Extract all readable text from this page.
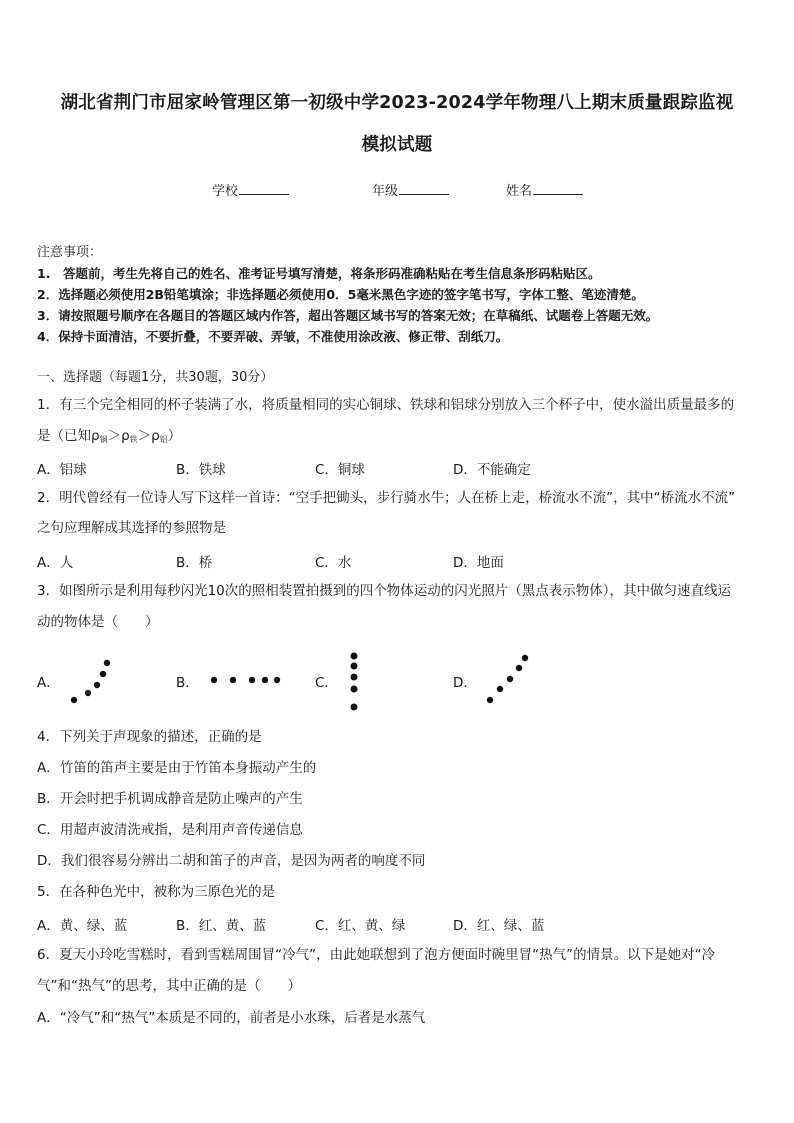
湖北省荆门市屈家岭管理区第一初级中学2023-2024学年物理八上期末质量跟踪监视
模拟试题
学校	年级	姓名
注意事项：
1.　答题前，考生先将自己的姓名、准考证号填写清楚，将条形码准确粘贴在考生信息条形码粘贴区。
2．选择题必须使用2B铅笔填涂；非选择题必须使用0．5毫米黑色字迹的签字笔书写，字体工整、笔迹清楚。
3．请按照题号顺序在各题目的答题区域内作答，超出答题区域书写的答案无效；在草稿纸、试题卷上答题无效。
4．保持卡面清洁，不要折叠，不要弄破、弄皱，不准使用涂改液、修正带、刮纸刀。
一、选择题（每题1分，共30题，30分）
1．有三个完全相同的杯子装满了水，将质量相同的实心铜球、铁球和铝球分别放入三个杯子中，使水溢出质量最多的
是（已知$\rho_铜>\rho_铁>\rho_铝$）
A．铝球	B．铁球	C．铜球	D．不能确定
2．明代曾经有一位诗人写下这样一首诗：“空手把锄头，步行骑水牛；人在桥上走，桥流水不流”，其中“桥流水不流”
之句应理解成其选择的参照物是
A．人	B．桥	C．水	D．地面
3．如图所示是利用每秒闪光10次的照相装置拍摄到的四个物体运动的闪光照片（黑点表示物体），其中做匀速直线运
动的物体是（　　）
A．	B．	C．	D．
4．下列关于声现象的描述，正确的是
A．竹笛的笛声主要是由于竹笛本身振动产生的
B．开会时把手机调成静音是防止噪声的产生
C．用超声波清洗戒指，是利用声音传递信息
D．我们很容易分辨出二胡和笛子的声音，是因为两者的响度不同
5．在各种色光中，被称为三原色光的是
A．黄、绿、蓝	B．红、黄、蓝	C．红、黄、绿	D．红、绿、蓝
6．夏天小玲吃雪糕时，看到雪糕周围冒“冷气”，由此她联想到了泡方便面时碗里冒“热气”的情景。以下是她对“冷
气”和“热气”的思考，其中正确的是（　　）
A．“冷气”和“热气”本质是不同的，前者是小水珠，后者是水蒸气
